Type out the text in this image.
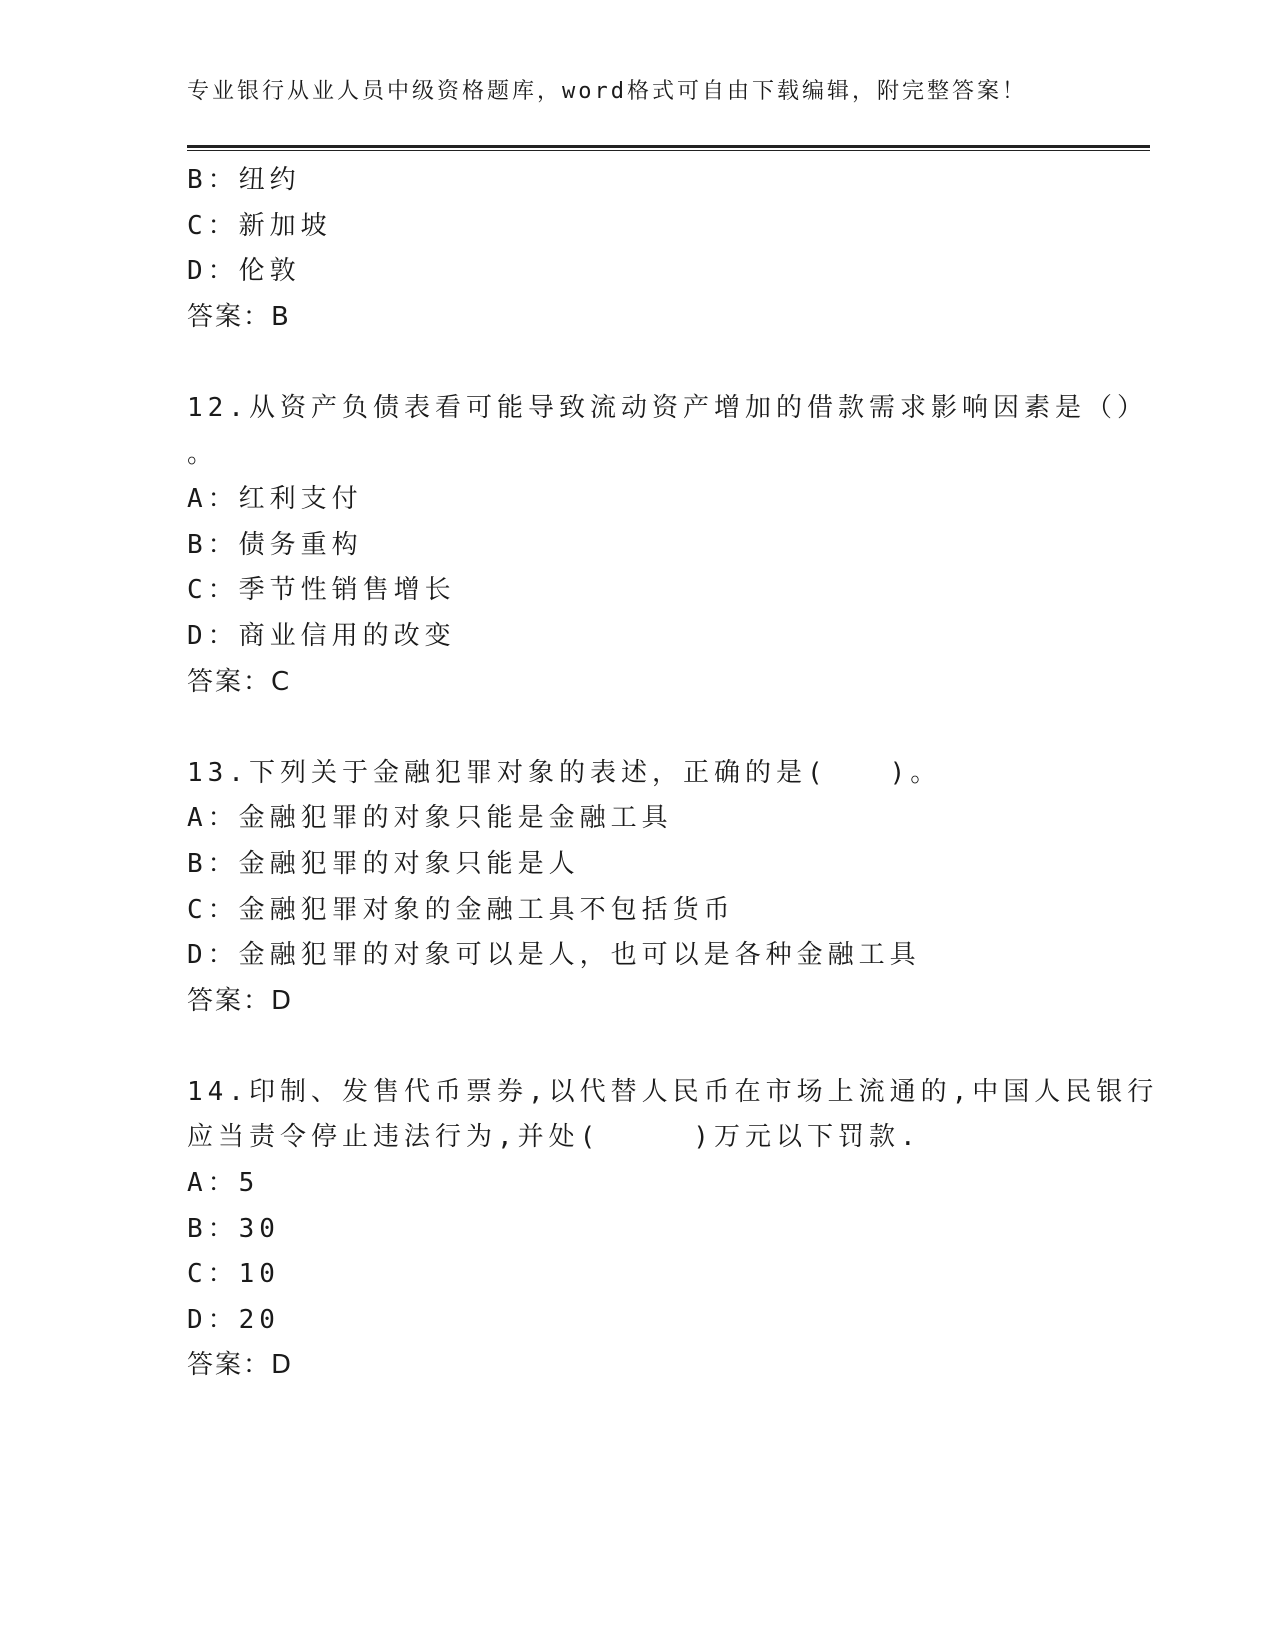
专业银行从业人员中级资格题库，word格式可自由下载编辑，附完整答案！
B：纽约
C：新加坡
D：伦敦
答案：B
12.从资产负债表看可能导致流动资产增加的借款需求影响因素是（）
。
A：红利支付
B：债务重构
C：季节性销售增长
D：商业信用的改变
答案：C
13.下列关于金融犯罪对象的表述，正确的是(　　)。
A：金融犯罪的对象只能是金融工具
B：金融犯罪的对象只能是人
C：金融犯罪对象的金融工具不包括货币
D：金融犯罪的对象可以是人，也可以是各种金融工具
答案：D
14.印制、发售代币票券,以代替人民币在市场上流通的,中国人民银行
应当责令停止违法行为,并处(　　　)万元以下罚款.
A：5
B：30
C：10
D：20
答案：D
